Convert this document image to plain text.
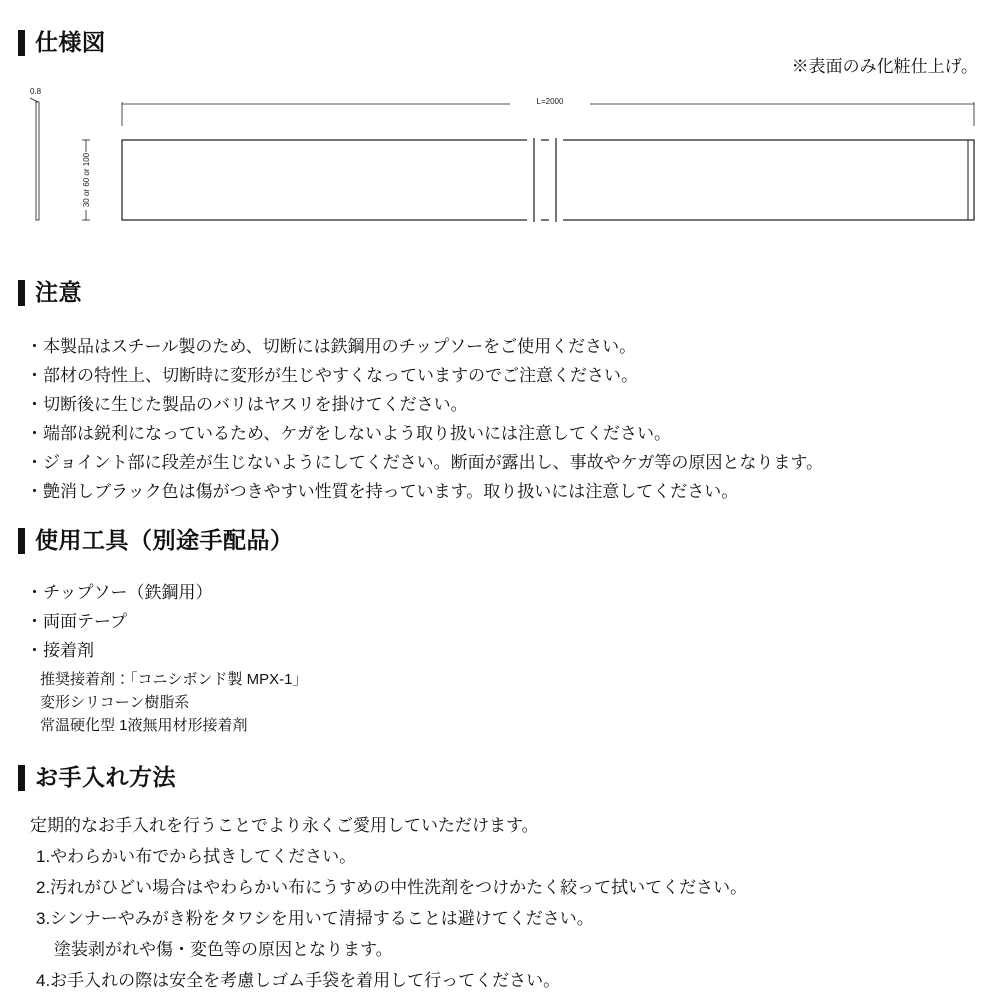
仕様図
※表面のみ化粧仕上げ。
0.8
L=2000
30 or 60 or 100
注意
・本製品はスチール製のため、切断には鉄鋼用のチップソーをご使用ください。
・部材の特性上、切断時に変形が生じやすくなっていますのでご注意ください。
・切断後に生じた製品のバリはヤスリを掛けてください。
・端部は鋭利になっているため、ケガをしないよう取り扱いには注意してください。
・ジョイント部に段差が生じないようにしてください。断面が露出し、事故やケガ等の原因となります。
・艶消しブラック色は傷がつきやすい性質を持っています。取り扱いには注意してください。
使用工具（別途手配品）
・チップソー（鉄鋼用）
・両面テープ
・接着剤
推奨接着剤：「コニシボンド製 MPX-1」
変形シリコーン樹脂系
常温硬化型 1液無用材形接着剤
お手入れ方法
定期的なお手入れを行うことでより永くご愛用していただけます。
1.やわらかい布でから拭きしてください。
2.汚れがひどい場合はやわらかい布にうすめの中性洗剤をつけかたく絞って拭いてください。
3.シンナーやみがき粉をタワシを用いて清掃することは避けてください。
塗装剥がれや傷・変色等の原因となります。
4.お手入れの際は安全を考慮しゴム手袋を着用して行ってください。
